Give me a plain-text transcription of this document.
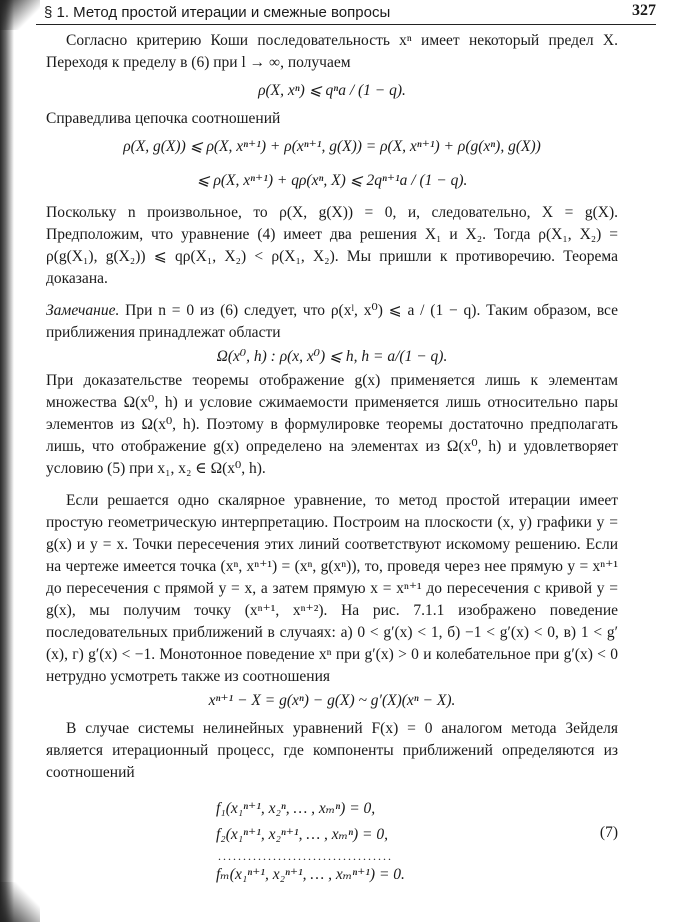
§ 1. Метод простой итерации и смежные вопросы	327

Согласно критерию Коши последовательность xⁿ имеет некоторый предел X. Переходя к пределу в (6) при l → ∞, получаем

ρ(X, xⁿ) ⩽ qⁿa / (1 − q).

Справедлива цепочка соотношений

ρ(X, g(X)) ⩽ ρ(X, xⁿ⁺¹) + ρ(xⁿ⁺¹, g(X)) = ρ(X, xⁿ⁺¹) + ρ(g(xⁿ), g(X))

⩽ ρ(X, xⁿ⁺¹) + qρ(xⁿ, X) ⩽ 2qⁿ⁺¹a / (1 − q).

Поскольку n произвольное, то ρ(X, g(X)) = 0, и, следовательно, X = g(X). Предположим, что уравнение (4) имеет два решения X₁ и X₂. Тогда ρ(X₁, X₂) = ρ(g(X₁), g(X₂)) ⩽ qρ(X₁, X₂) < ρ(X₁, X₂). Мы пришли к противоречию. Теорема доказана.

Замечание. При n = 0 из (6) следует, что ρ(xˡ, x⁰) ⩽ a / (1 − q). Таким образом, все приближения принадлежат области

Ω(x⁰, h) : ρ(x, x⁰) ⩽ h, h = a/(1 − q).

При доказательстве теоремы отображение g(x) применяется лишь к элементам множества Ω(x⁰, h) и условие сжимаемости применяется лишь относительно пары элементов из Ω(x⁰, h). Поэтому в формулировке теоремы достаточно предполагать лишь, что отображение g(x) определено на элементах из Ω(x⁰, h) и удовлетворяет условию (5) при x₁, x₂ ∈ Ω(x⁰, h).

Если решается одно скалярное уравнение, то метод простой итерации имеет простую геометрическую интерпретацию. Построим на плоскости (x, y) графики y = g(x) и y = x. Точки пересечения этих линий соответствуют искомому решению. Если на чертеже имеется точка (xⁿ, xⁿ⁺¹) = (xⁿ, g(xⁿ)), то, проведя через нее прямую y = xⁿ⁺¹ до пересечения с прямой y = x, а затем прямую x = xⁿ⁺¹ до пересечения с кривой y = g(x), мы получим точку (xⁿ⁺¹, xⁿ⁺²). На рис. 7.1.1 изображено поведение последовательных приближений в случаях: а) 0 < g′(x) < 1, б) −1 < g′(x) < 0, в) 1 < g′(x), г) g′(x) < −1. Монотонное поведение xⁿ при g′(x) > 0 и колебательное при g′(x) < 0 нетрудно усмотреть также из соотношения

xⁿ⁺¹ − X = g(xⁿ) − g(X) ~ g′(X)(xⁿ − X).

В случае системы нелинейных уравнений F(x) = 0 аналогом метода Зейделя является итерационный процесс, где компоненты приближений определяются из соотношений

f₁(x₁ⁿ⁺¹, x₂ⁿ, … , xₘⁿ) = 0,
f₂(x₁ⁿ⁺¹, x₂ⁿ⁺¹, … , xₘⁿ) = 0,
...................................
fₘ(x₁ⁿ⁺¹, x₂ⁿ⁺¹, … , xₘⁿ⁺¹) = 0.
(7)
